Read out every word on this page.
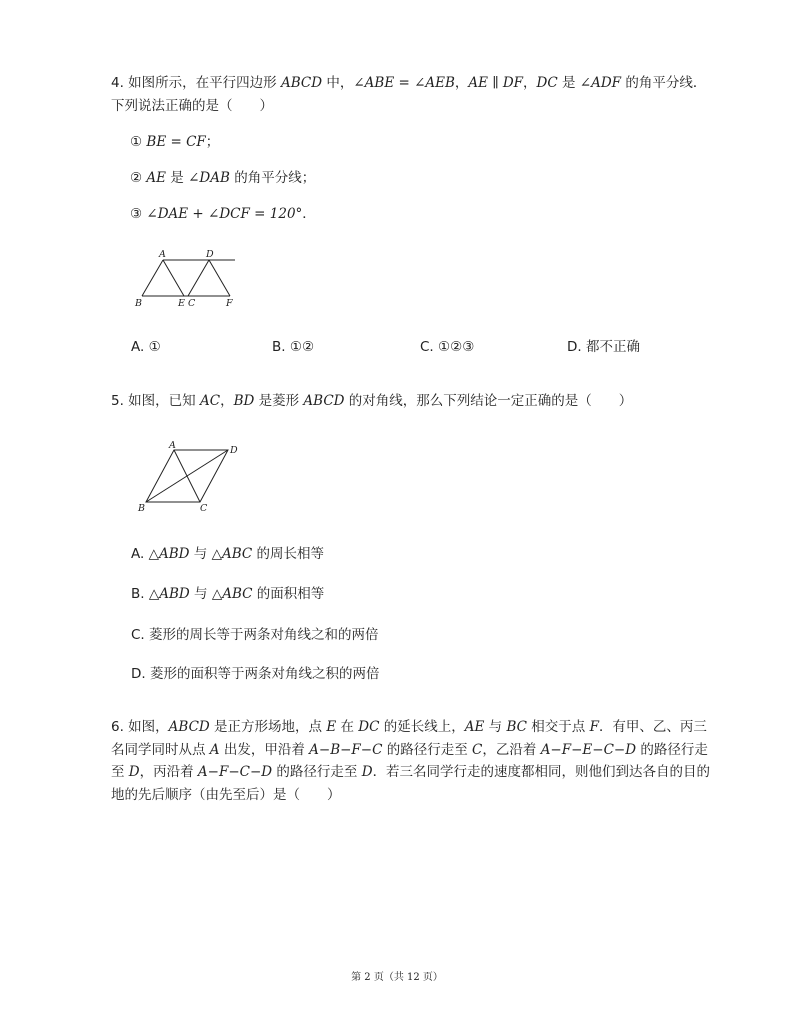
4. 如图所示，在平行四边形 ABCD 中，∠ABE = ∠AEB，AE ∥ DF，DC 是 ∠ADF 的角平分线．下列说法正确的是（　　）
① BE = CF；
② AE 是 ∠DAB 的角平分线；
③ ∠DAE + ∠DCF = 120°．
A	D
B	E C	F
A. ①	B. ①②	C. ①②③	D. 都不正确
5. 如图，已知 AC，BD 是菱形 ABCD 的对角线，那么下列结论一定正确的是（　　）
A	D
B	C
A. △ABD 与 △ABC 的周长相等
B. △ABD 与 △ABC 的面积相等
C. 菱形的周长等于两条对角线之和的两倍
D. 菱形的面积等于两条对角线之积的两倍
6. 如图，ABCD 是正方形场地，点 E 在 DC 的延长线上，AE 与 BC 相交于点 F．有甲、乙、丙三名同学同时从点 A 出发，甲沿着 A−B−F−C 的路径行走至 C，乙沿着 A−F−E−C−D 的路径行走至 D，丙沿着 A−F−C−D 的路径行走至 D．若三名同学行走的速度都相同，则他们到达各自的目的地的先后顺序（由先至后）是（　　）
第 2 页（共 12 页）
